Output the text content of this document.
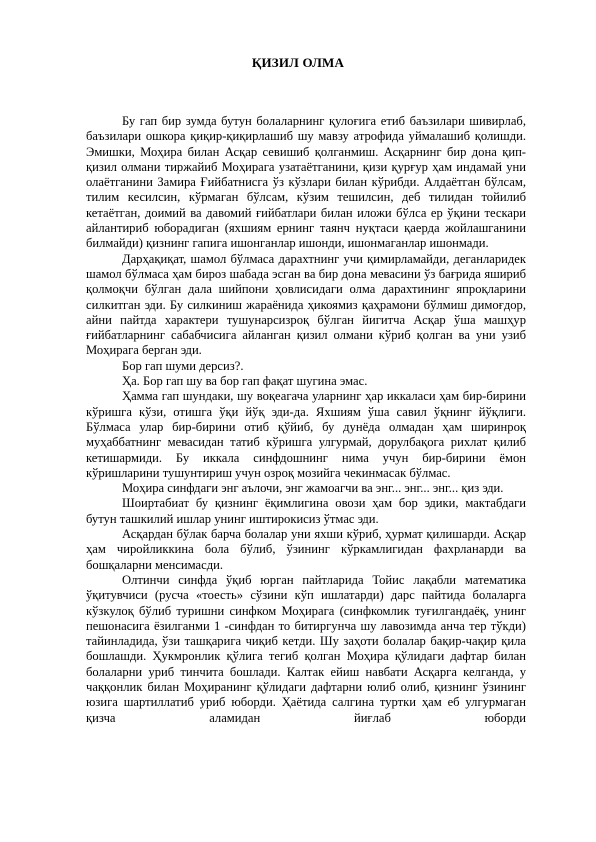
ҚИЗИЛ ОЛМА

Бу гап бир зумда бутун болаларнинг қулоғига етиб баъзилари шивирлаб, баъзилари ошкора қиқир-қиқирлашиб шу мавзу атрофида уймалашиб қолишди. Эмишки, Моҳира билан Асқар севишиб қолганмиш. Асқарнинг бир дона қип-қизил олмани тиржайиб Моҳирага узатаётганини, қизи қурғур ҳам индамай уни олаётганини Замира Ғийбатнисга ўз кўзлари билан кўрибди. Алдаётган бўлсам, тилим кесилсин, кўрмаган бўлсам, кўзим тешилсин, деб тилидан тойилиб кетаётган, доимий ва давомий ғийбатлари билан иложи бўлса ер ўқини тескари айлантириб юборадиган (яхшиям ернинг таянч нуқтаси қаерда жойлашганини билмайди) қизнинг гапига ишонганлар ишонди, ишонмаганлар ишонмади.

Дарҳақиқат, шамол бўлмаса дарахтнинг учи қимирламайди, деганларидек шамол бўлмаса ҳам бироз шабада эсган ва бир дона мевасини ўз бағрида яшириб қолмоқчи бўлган дала шийпони ҳовлисидаги олма дарахтининг япроқларини силкитган эди. Бу силкиниш жараёнида ҳикоямиз қаҳрамони бўлмиш димоғдор, айни пайтда характери тушунарсизроқ бўлган йигитча Асқар ўша машҳур ғийбатларнинг сабабчисига айланган қизил олмани кўриб қолган ва уни узиб Моҳирага берган эди.

Бор гап шуми дерсиз?.

Ҳа. Бор гап шу ва бор гап фақат шугина эмас.

Ҳамма гап шундаки, шу воқеагача уларнинг ҳар иккаласи ҳам бир-бирини кўришга кўзи, отишга ўқи йўқ эди-да. Яхшиям ўша савил ўқнинг йўқлиги. Бўлмаса улар бир-бирини отиб қўйиб, бу дунёда олмадан ҳам ширинроқ муҳаббатнинг мевасидан татиб кўришга улгурмай, дорулбақога рихлат қилиб кетишармиди. Бу иккала синфдошнинг нима учун бир-бирини ёмон кўришларини тушунтириш учун озроқ мозийга чекинмасак бўлмас.

Моҳира синфдаги энг аълочи, энг жамоагчи ва энг... энг... энг... қиз эди.

Шоиртабиат бу қизнинг ёқимлигина овози ҳам бор эдики, мактабдаги бутун ташкилий ишлар унинг иштирокисиз ўтмас эди.

Асқардан бўлак барча болалар уни яхши кўриб, ҳурмат қилишарди. Асқар ҳам чиройликкина бола бўлиб, ўзининг кўркамлигидан фахрланарди ва бошқаларни менсимасди.

Олтинчи синфда ўқиб юрган пайтларида Тойис лақабли математика ўқитувчиси (русча «тоесть» сўзини кўп ишлатарди) дарс пайтида болаларга кўзкулоқ бўлиб туришни синфком Моҳирага (синфкомлик туғилгандаёқ, унинг пешонасига ёзилганми 1 -синфдан то битиргунча шу лавозимда анча тер тўкди) тайинладида, ўзи ташқарига чиқиб кетди. Шу заҳоти болалар бақир-чақир қила бошлашди. Ҳукмронлик қўлига тегиб қолган Моҳира қўлидаги дафтар билан болаларни уриб тинчита бошлади. Калтак ейиш навбати Асқарга келганда, у чаққонлик билан Моҳиранинг қўлидаги дафтарни юлиб олиб, қизнинг ўзининг юзига шартиллатиб уриб юборди. Ҳаётида салгина туртки ҳам еб улгурмаган қизча аламидан йиғлаб юборди
